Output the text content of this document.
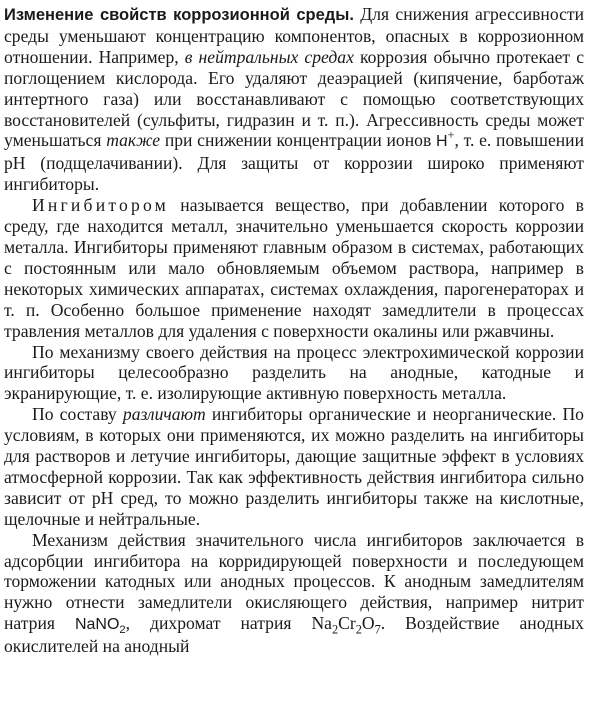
Изменение свойств коррозионной среды. Для снижения агрессивности среды уменьшают концентрацию компонентов, опасных в коррозионном отношении. Например, в нейтральных средах коррозия обычно протекает с поглощением кислорода. Его удаляют деаэрацией (кипячение, барботаж интертного газа) или восстанавливают с помощью соответствующих восстановителей (сульфиты, гидразин и т. п.). Агрессивность среды может уменьшаться также при снижении концентрации ионов H+, т. е. повышении pH (подщелачивании). Для защиты от коррозии широко применяют ингибиторы.

Ингибитором называется вещество, при добавлении которого в среду, где находится металл, значительно уменьшается скорость коррозии металла. Ингибиторы применяют главным образом в системах, работающих с постоянным или мало обновляемым объемом раствора, например в некоторых химических аппаратах, системах охлаждения, парогенераторах и т. п. Особенно большое применение находят замедлители в процессах травления металлов для удаления с поверхности окалины или ржавчины.

По механизму своего действия на процесс электрохимической коррозии ингибиторы целесообразно разделить на анодные, катодные и экранирующие, т. е. изолирующие активную поверхность металла.

По составу различают ингибиторы органические и неорганические. По условиям, в которых они применяются, их можно разделить на ингибиторы для растворов и летучие ингибиторы, дающие защитные эффект в условиях атмосферной коррозии. Так как эффективность действия ингибитора сильно зависит от pH сред, то можно разделить ингибиторы также на кислотные, щелочные и нейтральные.

Механизм действия значительного числа ингибиторов заключается в адсорбции ингибитора на корридирующей поверхности и последующем торможении катодных или анодных процессов. К анодным замедлителям нужно отнести замедлители окисляющего действия, например нитрит натрия NaNO$_2$, дихромат натрия $Na_2Cr_2O_7$. Воздействие анодных окислителей на анодный
